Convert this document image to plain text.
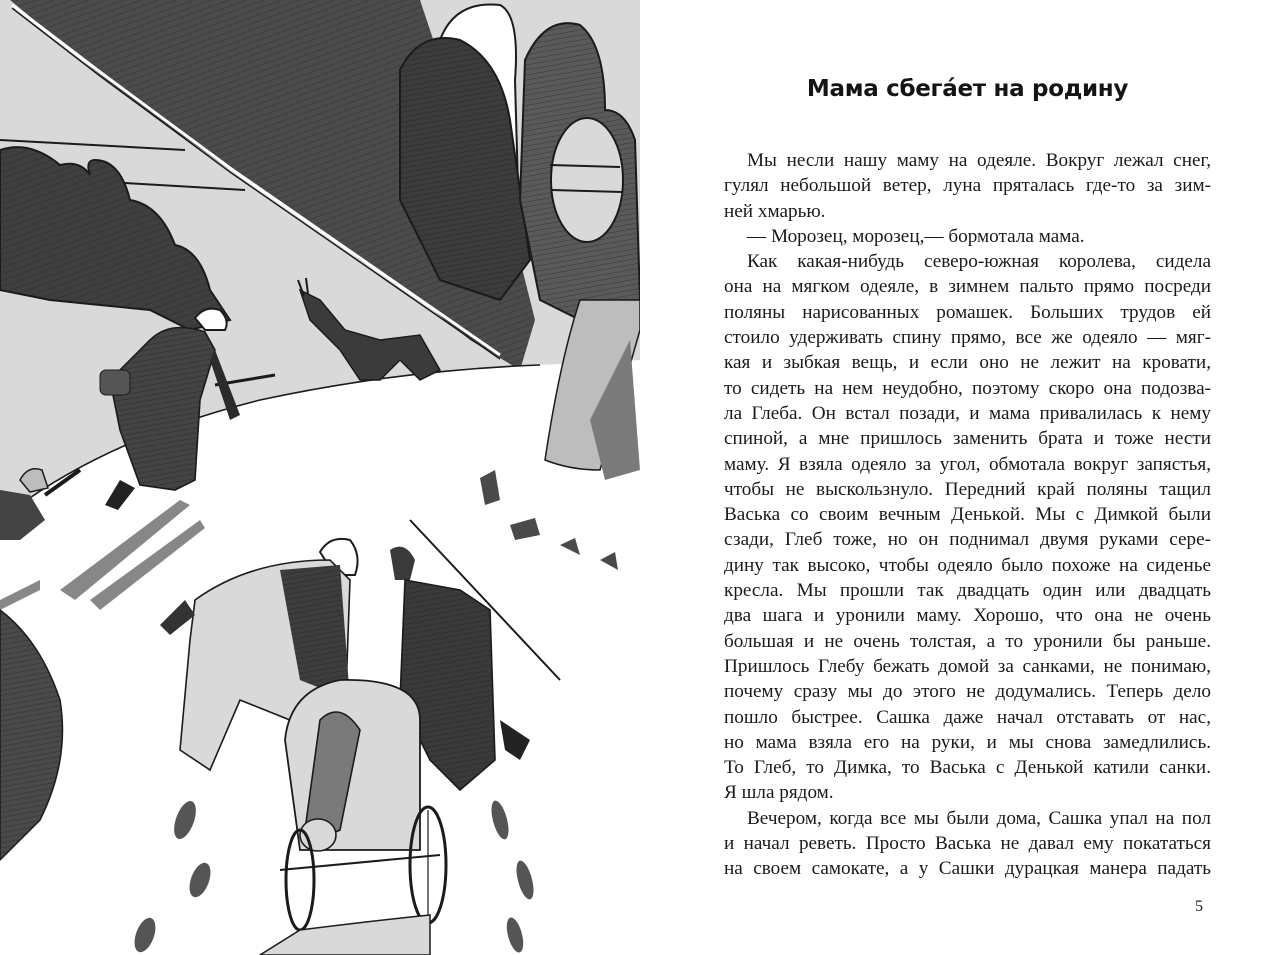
Мама сбега́ет на родину
Мы несли нашу маму на одеяле. Вокруг лежал снег,
гулял небольшой ветер, луна пряталась где-то за зим-
ней хмарью.
— Морозец, морозец,— бормотала мама.
Как какая-нибудь северо-южная королева, сидела
она на мягком одеяле, в зимнем пальто прямо посреди
поляны нарисованных ромашек. Больших трудов ей
стоило удерживать спину прямо, все же одеяло — мяг-
кая и зыбкая вещь, и если оно не лежит на кровати,
то сидеть на нем неудобно, поэтому скоро она подозва-
ла Глеба. Он встал позади, и мама привалилась к нему
спиной, а мне пришлось заменить брата и тоже нести
маму. Я взяла одеяло за угол, обмотала вокруг запястья,
чтобы не выскользнуло. Передний край поляны тащил
Васька со своим вечным Денькой. Мы с Димкой были
сзади, Глеб тоже, но он поднимал двумя руками сере-
дину так высоко, чтобы одеяло было похоже на сиденье
кресла. Мы прошли так двадцать один или двадцать
два шага и уронили маму. Хорошо, что она не очень
большая и не очень толстая, а то уронили бы раньше.
Пришлось Глебу бежать домой за санками, не понимаю,
почему сразу мы до этого не додумались. Теперь дело
пошло быстрее. Сашка даже начал отставать от нас,
но мама взяла его на руки, и мы снова замедлились.
То Глеб, то Димка, то Васька с Денькой катили санки.
Я шла рядом.
Вечером, когда все мы были дома, Сашка упал на пол
и начал реветь. Просто Васька не давал ему покататься
на своем самокате, а у Сашки дурацкая манера падать
5
